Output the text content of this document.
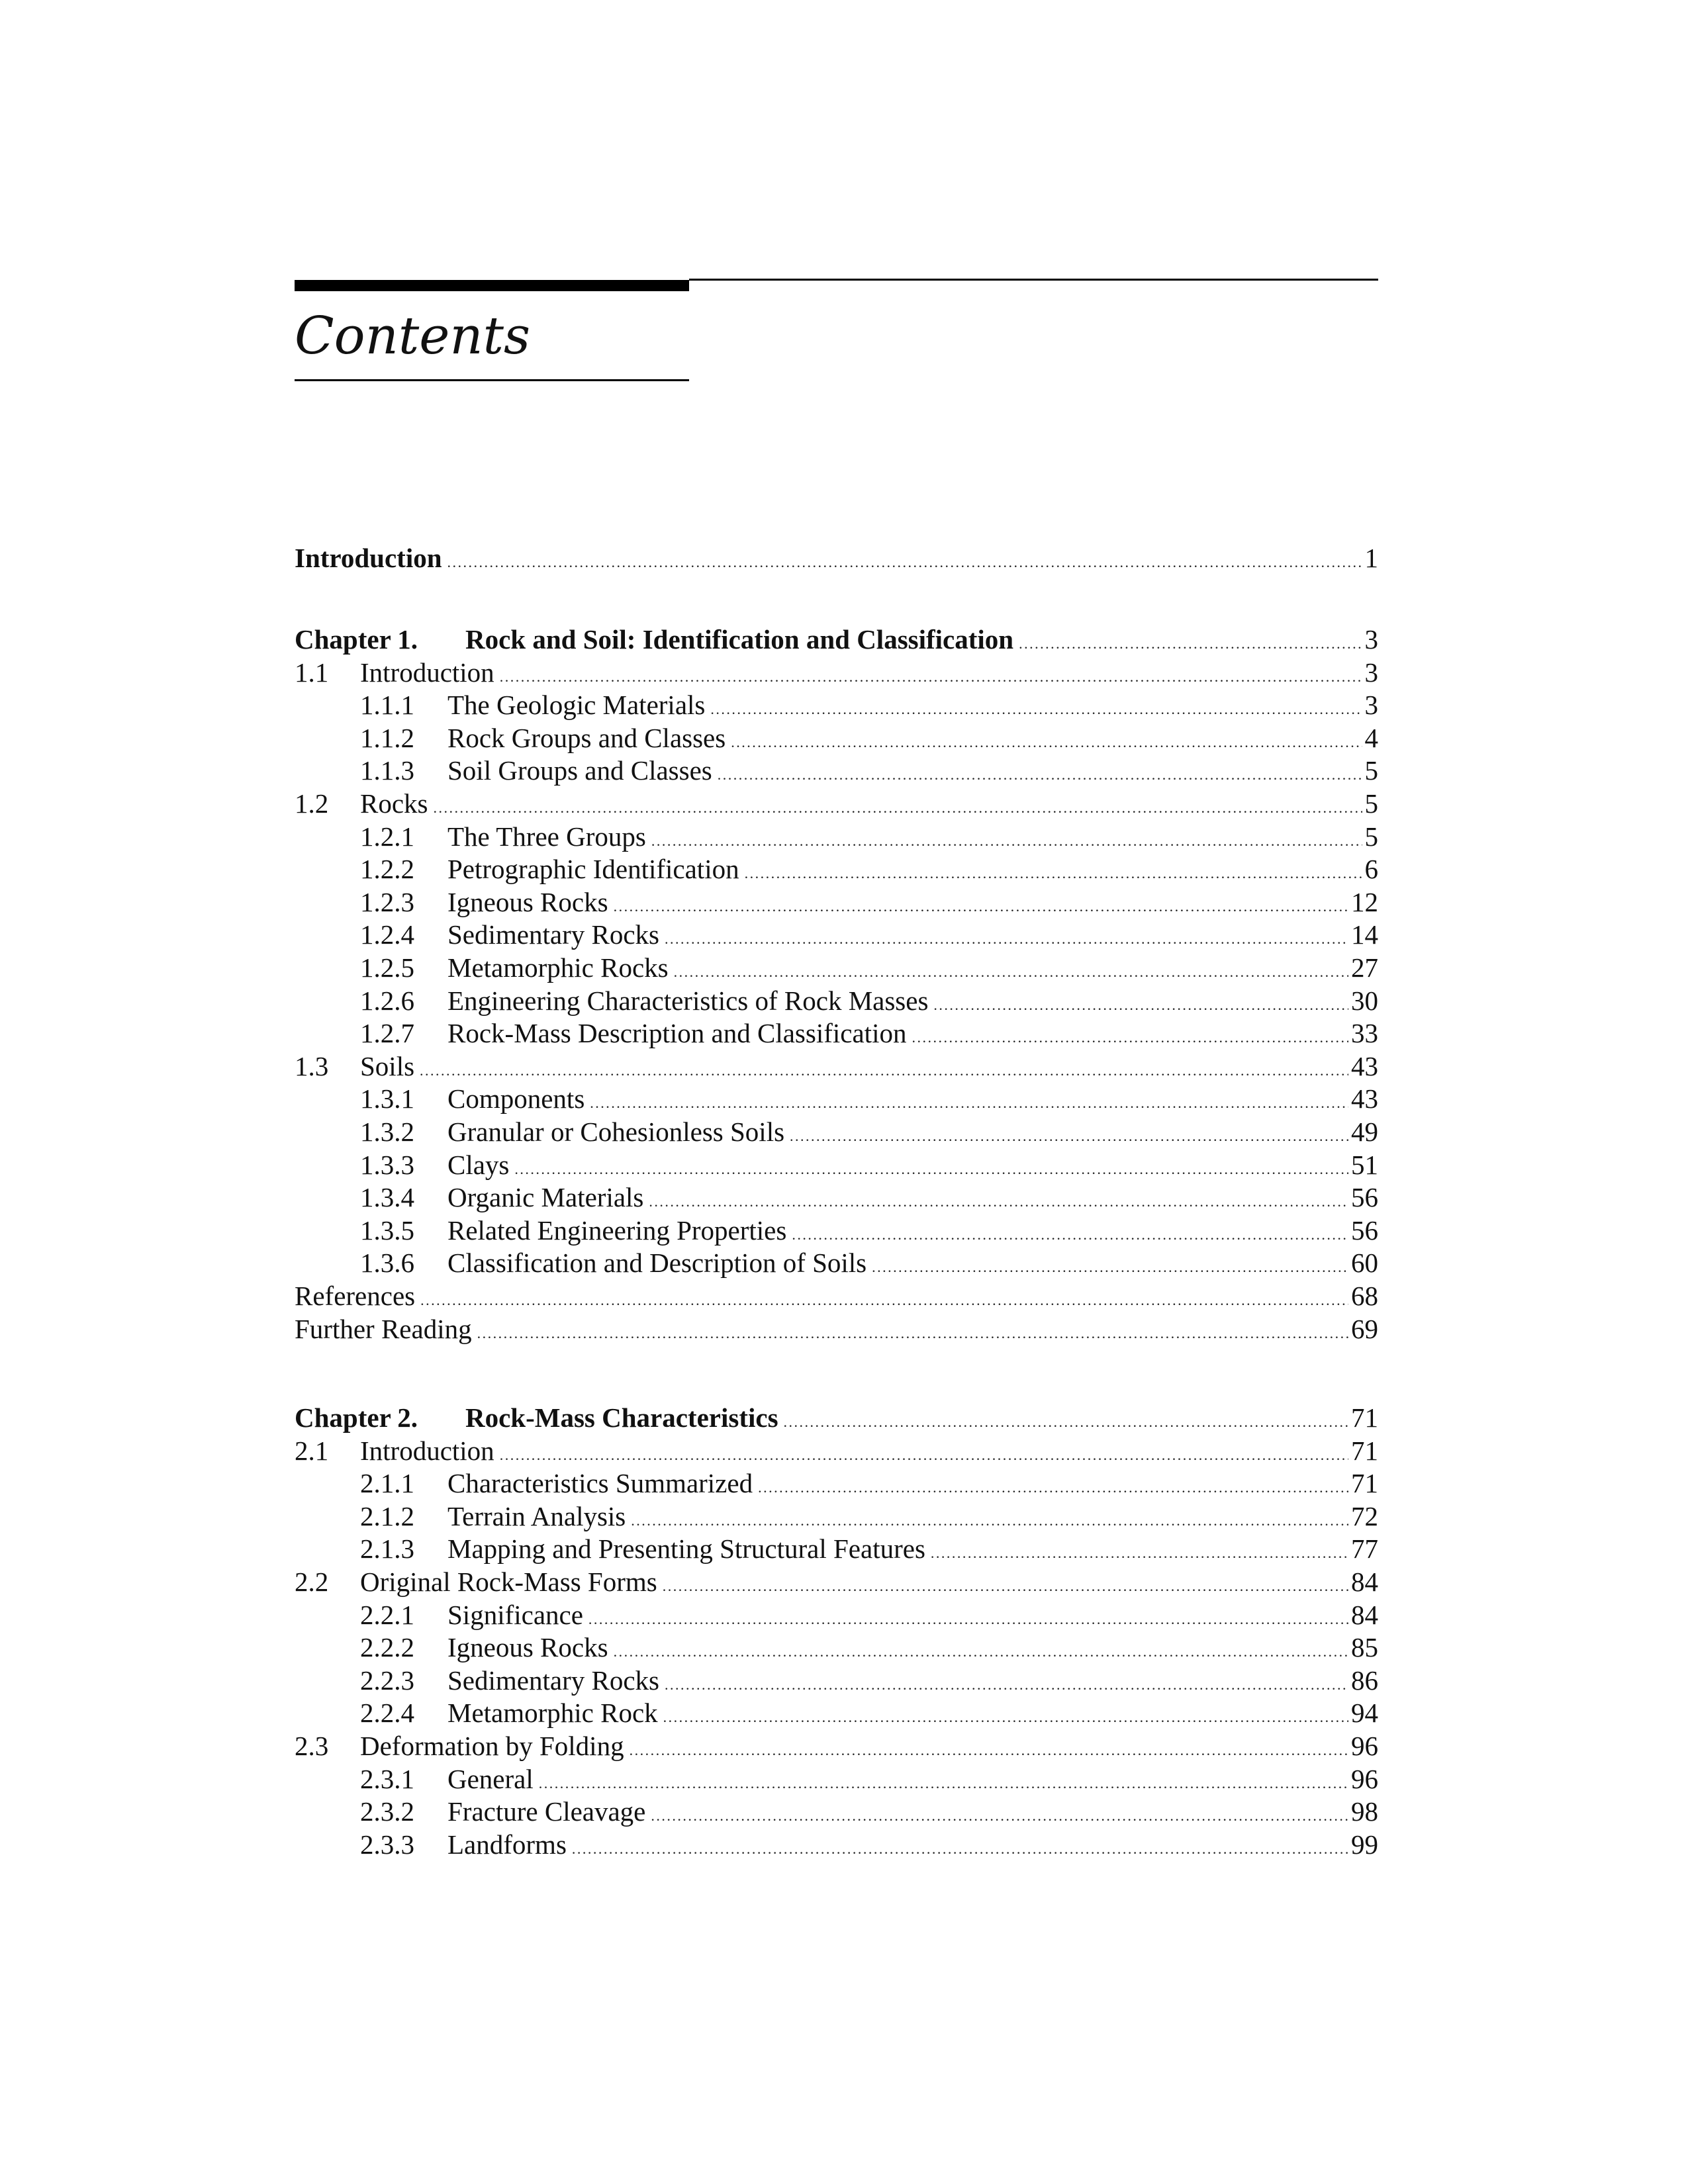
Contents
Introduction . . .	1
Chapter 1.	Rock and Soil: Identification and Classification . . .	3
1.1	Introduction . . .	3
1.1.1	The Geologic Materials . . .	3
1.1.2	Rock Groups and Classes . . .	4
1.1.3	Soil Groups and Classes . . .	5
1.2	Rocks . . .	5
1.2.1	The Three Groups . . .	5
1.2.2	Petrographic Identification . . .	6
1.2.3	Igneous Rocks . . .	12
1.2.4	Sedimentary Rocks . . .	14
1.2.5	Metamorphic Rocks . . .	27
1.2.6	Engineering Characteristics of Rock Masses . . .	30
1.2.7	Rock-Mass Description and Classification . . .	33
1.3	Soils . . .	43
1.3.1	Components . . .	43
1.3.2	Granular or Cohesionless Soils . . .	49
1.3.3	Clays . . .	51
1.3.4	Organic Materials . . .	56
1.3.5	Related Engineering Properties . . .	56
1.3.6	Classification and Description of Soils . . .	60
References . . .	68
Further Reading . . .	69
Chapter 2.	Rock-Mass Characteristics . . .	71
2.1	Introduction . . .	71
2.1.1	Characteristics Summarized . . .	71
2.1.2	Terrain Analysis . . .	72
2.1.3	Mapping and Presenting Structural Features . . .	77
2.2	Original Rock-Mass Forms . . .	84
2.2.1	Significance . . .	84
2.2.2	Igneous Rocks . . .	85
2.2.3	Sedimentary Rocks . . .	86
2.2.4	Metamorphic Rock . . .	94
2.3	Deformation by Folding . . .	96
2.3.1	General . . .	96
2.3.2	Fracture Cleavage . . .	98
2.3.3	Landforms . . .	99
